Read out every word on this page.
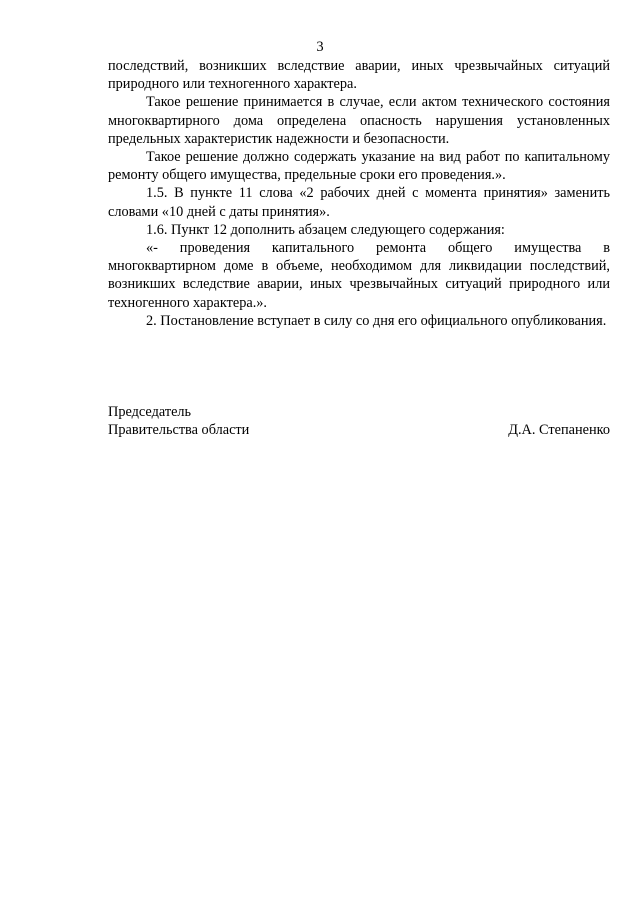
3

последствий, возникших вследствие аварии, иных чрезвычайных ситуаций природного или техногенного характера.

Такое решение принимается в случае, если актом технического состояния многоквартирного дома определена опасность нарушения установленных предельных характеристик надежности и безопасности.

Такое решение должно содержать указание на вид работ по капитальному ремонту общего имущества, предельные сроки его проведения.».

1.5. В пункте 11 слова «2 рабочих дней с момента принятия» заменить словами «10 дней с даты принятия».

1.6. Пункт 12 дополнить абзацем следующего содержания:

«- проведения капитального ремонта общего имущества в многоквартирном доме в объеме, необходимом для ликвидации последствий, возникших вследствие аварии, иных чрезвычайных ситуаций природного или техногенного характера.».

2. Постановление вступает в силу со дня его официального опубликования.

Председатель
Правительства области	Д.А. Степаненко
